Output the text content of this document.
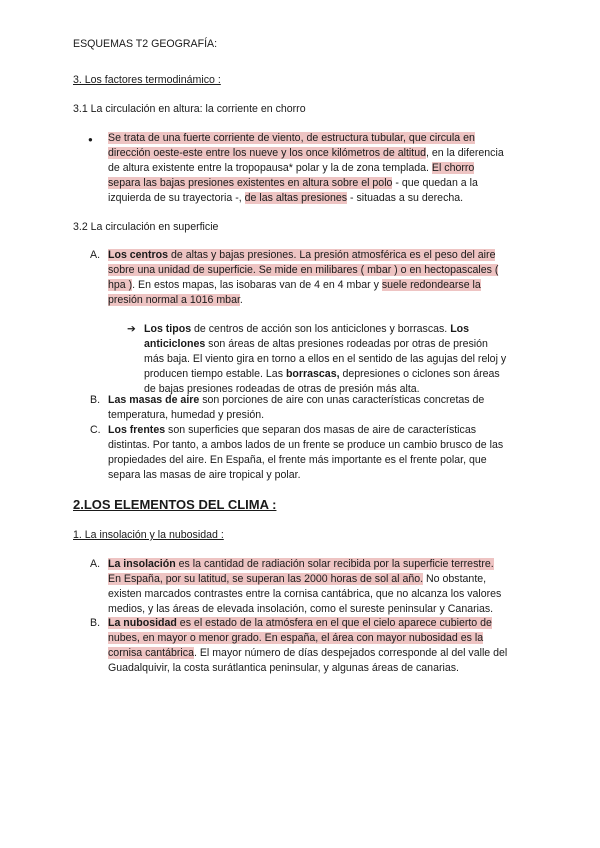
ESQUEMAS T2 GEOGRAFÍA:
3. Los factores termodinámico :
3.1 La circulación en altura: la corriente en chorro
● Se trata de una fuerte corriente de viento, de estructura tubular, que circula en
dirección oeste-este entre los nueve y los once kilómetros de altitud, en la diferencia
de altura existente entre la tropopausa* polar y la de zona templada. El chorro
separa las bajas presiones existentes en altura sobre el polo - que quedan a la
izquierda de su trayectoria -, de las altas presiones - situadas a su derecha.
3.2 La circulación en superficie
A. Los centros de altas y bajas presiones. La presión atmosférica es el peso del aire
sobre una unidad de superficie. Se mide en milibares ( mbar ) o en hectopascales (
hpa ). En estos mapas, las isobaras van de 4 en 4 mbar y suele redondearse la
presión normal a 1016 mbar.
➔ Los tipos de centros de acción son los anticiclones y borrascas. Los
anticiclones son áreas de altas presiones rodeadas por otras de presión
más baja. El viento gira en torno a ellos en el sentido de las agujas del reloj y
producen tiempo estable. Las borrascas, depresiones o ciclones son áreas
de bajas presiones rodeadas de otras de presión más alta.
B. Las masas de aire son porciones de aire con unas características concretas de
temperatura, humedad y presión.
C. Los frentes son superficies que separan dos masas de aire de características
distintas. Por tanto, a ambos lados de un frente se produce un cambio brusco de las
propiedades del aire. En España, el frente más importante es el frente polar, que
separa las masas de aire tropical y polar.
2.LOS ELEMENTOS DEL CLIMA :
1. La insolación y la nubosidad :
A. La insolación es la cantidad de radiación solar recibida por la superficie terrestre.
En España, por su latitud, se superan las 2000 horas de sol al año. No obstante,
existen marcados contrastes entre la cornisa cantábrica, que no alcanza los valores
medios, y las áreas de elevada insolación, como el sureste peninsular y Canarias.
B. La nubosidad es el estado de la atmósfera en el que el cielo aparece cubierto de
nubes, en mayor o menor grado. En españa, el área con mayor nubosidad es la
cornisa cantábrica. El mayor número de días despejados corresponde al del valle del
Guadalquivir, la costa surátlantica peninsular, y algunas áreas de canarias.
